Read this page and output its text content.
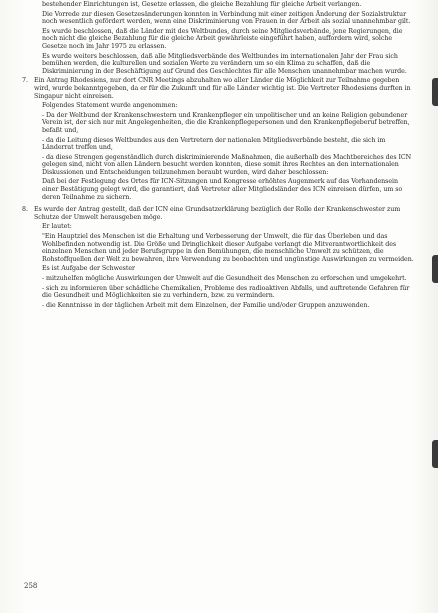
bestehender Einrichtungen ist, Gesetze erlassen, die gleiche Bezahlung für gleiche Arbeit verlangen.

Die Vorrede zur diesen Gesetzesänderungen konnten in Verbindung mit einer zeitigen Änderung der Sozialstruktur noch wesentlich gefördert werden, wenn eine Diskriminierung von Frauen in der Arbeit als sozial unannehmbar gilt.

Es wurde beschlossen, daß die Länder mit des Weltbundes, durch seine Mitgliedsverbände, jene Regierungen, die noch nicht die gleiche Bezahlung für die gleiche Arbeit gewährleiste eingeführt haben, auffordern wird, solche Gesetze noch im Jahr 1975 zu erlassen.

Es wurde weiters beschlossen, daß alle Mitgliedsverbände des Weltbundes im internationalen Jahr der Frau sich bemühen werden, die kulturellen und sozialen Werte zu verändern um so ein Klima zu schaffen, daß die Diskriminierung in der Beschäftigung auf Grund des Geschlechtes für alle Menschen unannehmbar machen wurde.

7. Ein Antrag Rhodesiens, nur dort CNR Meetings abzuhalten wo aller Länder die Möglichkeit zur Teilnahme gegeben wird, wurde bekanntgegeben, da er für die Zukunft und für alle Länder wichtig ist. Die Vertreter Rhodesiens durften in Singapur nicht einreisen.

Folgendes Statement wurde angenommen:

- Da der Weltbund der Krankenschwestern und Krankenpfleger ein unpolitischer und an keine Religion gebundener Verein ist, der sich nur mit Angelegenheiten, die die Krankenpflegepersonen und den Krankenpflegeberuf betreffen, befaßt und,

- da die Leitung dieses Weltbundes aus den Vertretern der nationalen Mitgliedsverbände besteht, die sich im Länderrat treffen und,

- da diese Strengen gegenständlich durch diskriminierende Maßnahmen, die außerhalb des Machtbereiches des ICN gelegen sind, nicht von allen Ländern besucht werden konnten, diese somit ihres Rechtes an den internationalen Diskussionen und Entscheidungen teilzunehmen beraubt wurden, wird daher beschlossen:

Daß bei der Festlegung des Ortes für ICN-Sitzungen und Kongresse erhöhtes Augenmerk auf das Vorhandensein einer Bestätigung gelegt wird, die garantiert, daß Vertreter aller Mitgliedsländer des ICN einreisen dürfen, um so deren Teilnahme zu sichern.

8. Es wurde der Antrag gestellt, daß der ICN eine Grundsatzerklärung bezüglich der Rolle der Krankenschwester zum Schutze der Umwelt herausgeben möge.

Er lautet:

"Ein Hauptziel des Menschen ist die Erhaltung und Verbesserung der Umwelt, die für das Überleben und das Wohlbefinden notwendig ist. Die Größe und Dringlichkeit dieser Aufgabe verlangt die Mitverantwortlichkeit des einzelnen Menschen und jeder Berufsgruppe in den Bemühungen, die menschliche Umwelt zu schützen, die Rohstoffquellen der Welt zu bewahren, ihre Verwendung zu beobachten und ungünstige Auswirkungen zu vermeiden.

Es ist Aufgabe der Schwester

- mitzuhelfen mögliche Auswirkungen der Umwelt auf die Gesundheit des Menschen zu erforschen und umgekehrt.

- sich zu informieren über schädliche Chemikalien, Probleme des radioaktiven Abfalls, und auftretende Gefahren für die Gesundheit und Möglichkeiten sie zu verhindern, bzw. zu vermindern.

- die Kenntnisse in der täglichen Arbeit mit dem Einzelnen, der Familie und/oder Gruppen anzuwenden.

258
